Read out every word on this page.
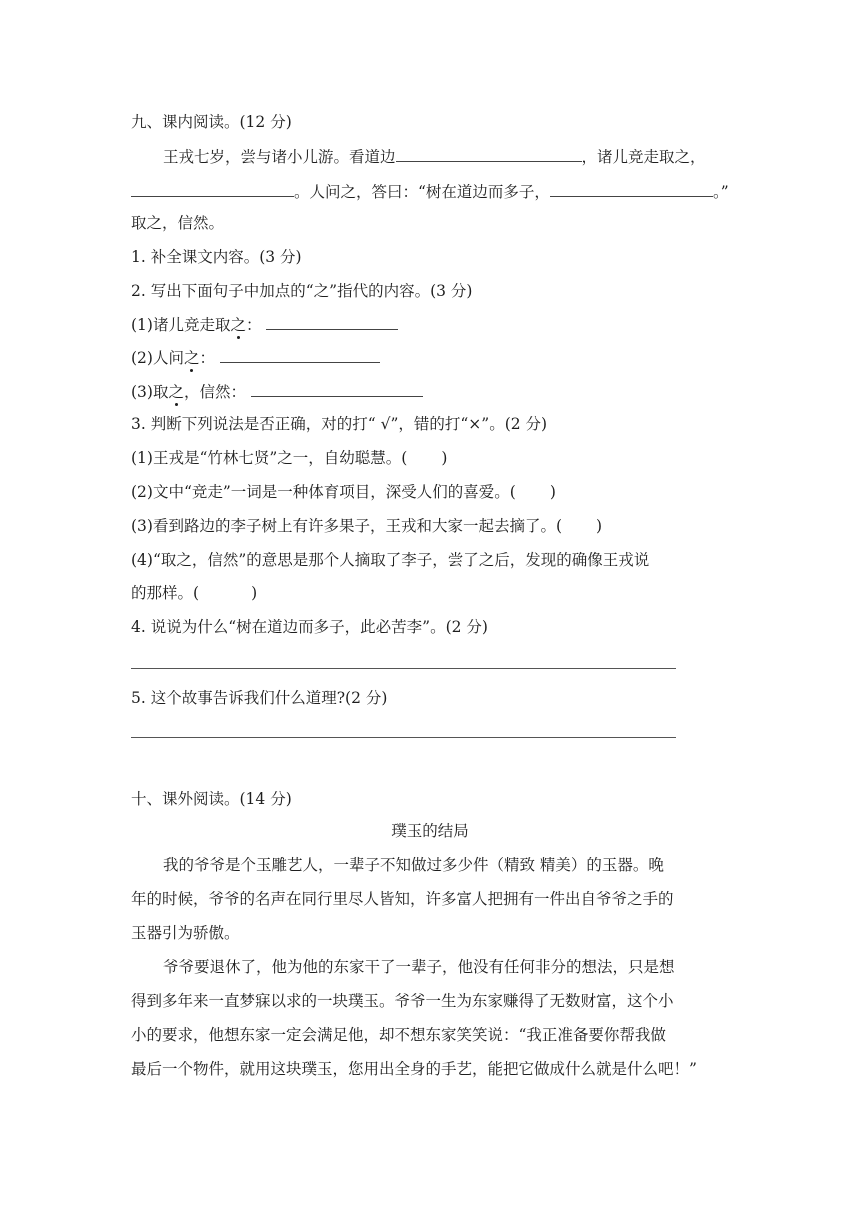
九、课内阅读。(12 分)
王戎七岁，尝与诸小儿游。看道边	，诸儿竞走取之，
。人问之，答曰：“树在道边而多子，	。”
取之，信然。
1. 补全课文内容。(3 分)
2. 写出下面句子中加点的“之”指代的内容。(3 分)
(1)诸儿竞走取之：
(2)人问之：
(3)取之，信然：
3. 判断下列说法是否正确，对的打“ √”，错的打“×”。(2 分)
(1)王戎是“竹林七贤”之一，自幼聪慧。( )
(2)文中“竞走”一词是一种体育项目，深受人们的喜爱。( )
(3)看到路边的李子树上有许多果子，王戎和大家一起去摘了。( )
(4)“取之，信然”的意思是那个人摘取了李子，尝了之后，发现的确像王戎说
的那样。(	)
4. 说说为什么“树在道边而多子，此必苦李”。(2 分)
5. 这个故事告诉我们什么道理?(2 分)
十、课外阅读。(14 分)
璞玉的结局
我的爷爷是个玉雕艺人，一辈子不知做过多少件（精致 精美）的玉器。晚
年的时候，爷爷的名声在同行里尽人皆知，许多富人把拥有一件出自爷爷之手的
玉器引为骄傲。
爷爷要退休了，他为他的东家干了一辈子，他没有任何非分的想法，只是想
得到多年来一直梦寐以求的一块璞玉。爷爷一生为东家赚得了无数财富，这个小
小的要求，他想东家一定会满足他，却不想东家笑笑说：“我正准备要你帮我做
最后一个物件，就用这块璞玉，您用出全身的手艺，能把它做成什么就是什么吧！”
